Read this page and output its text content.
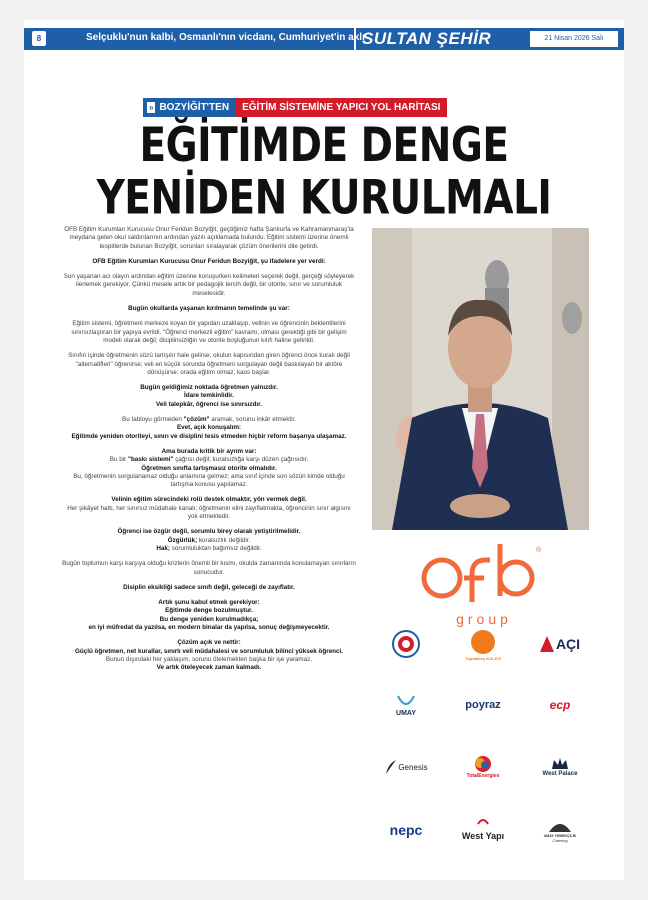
8	Selçuklu'nun kalbi, Osmanlı'nın vicdanı, Cumhuriyet'in aklı
SULTAN ŞEHİR	21 Nisan 2026 Salı
» BOZYİĞİT'TEN	EĞİTİM SİSTEMİNE YAPICI YOL HARİTASI
EĞİTİMDE DENGE
YENİDEN KURULMALI

OFB Eğitim Kurumları Kurucusu Onur Feridun Bozyiğit, geçtiğimiz hafta Şanlıurfa ve Kahramanmaraş'ta meydana gelen okul saldırılarının ardından yazılı açıklamada bulundu. Eğitim sistemi üzerine önemli tespitlerde bulunan Bozyiğit, sorunları sıralayarak çözüm önerilerini dile getirdi.

OFB Eğitim Kurumları Kurucusu Onur Feridun Bozyiğit, şu ifadelere yer verdi:

Son yaşanan acı olayın ardından eğitim üzerine konuşurken kelimeleri seçerek değil, gerçeği söyleyerek ilerlemek gerekiyor. Çünkü mesele artık bir pedagojik tercih değil, bir otorite, sınır ve sorumluluk meselesidir.

Bugün okullarda yaşanan kırılmanın temelinde şu var:

Eğitim sistemi, öğretmeni merkeze koyan bir yapıdan uzaklaşıp, velinin ve öğrencinin beklentilerini sınırsızlaştıran bir yapıya evrildi. "Öğrenci merkezli eğitim" kavramı, olması gerektiği gibi bir gelişim modeli olarak değil; disiplinsizliğin ve otorite boşluğunun kılıfı haline getirildi.

Sınıfın içinde öğretmenin sözü tartışılır hale gelirse; okulun kapısından giren öğrenci önce kuralı değil "alternatifleri" öğrenirse; veli en küçük sorunda öğretmeni sorgulayan değil baskılayan bir aktöre dönüşürse; orada eğitim olmaz, kaos başlar.

Bugün geldiğimiz noktada öğretmen yalnızdır.
İdare temkinlidir.
Veli talepkâr, öğrenci ise sınırsızdır.

Bu tabloyu görmeden "çözüm" aramak, sorunu inkâr etmektir.
Evet, açık konuşalım:
Eğitimde yeniden otoriteyi, sınırı ve disiplini tesis etmeden hiçbir reform başarıya ulaşamaz.

Ama burada kritik bir ayrım var:
Bu bir "baskı sistemi" çağrısı değil; kuralsızlığa karşı düzen çağrısıdır.
Öğretmen sınıfta tartışmasız otorite olmalıdır.
Bu, öğretmenin sorgulanamaz olduğu anlamına gelmez; ama sınıf içinde son sözün kimde olduğu tartışma konusu yapılamaz.

Velinin eğitim sürecindeki rolü destek olmaktır, yön vermek değil.
Her şikâyet hattı, her sınırsız müdahale kanalı; öğretmenin elini zayıflatmakta, öğrencinin sınır algısını yok etmektedir.

Öğrenci ise özgür değil, sorumlu birey olarak yetiştirilmelidir.
Özgürlük; kuralsızlık değildir.
Hak; sorumluluktan bağımsız değildir.

Bugün toplumun karşı karşıya olduğu krizlerin önemli bir kısmı, okulda zamanında konulamayan sınırların sonucudur.

Disiplin eksikliği sadece sınıfı değil, geleceği de zayıflatır.

Artık şunu kabul etmek gerekiyor:
Eğitimde denge bozulmuştur.
Bu denge yeniden kurulmadıkça;
en iyi müfredat da yazılsa, en modern binalar da yapılsa, sonuç değişmeyecektir.

Çözüm açık ve nettir:
Güçlü öğretmen, net kurallar, sınırlı veli müdahalesi ve sorumluluk bilinci yüksek öğrenci.
Bunun dışındaki her yaklaşım, sorunu ötelemekten başka bir işe yaramaz.
Ve artık öteleyecek zaman kalmadı.

®
group
Toprakbey KOLEJİ
AÇI
UMAY
poyraz	ecp
Genesis
TotalEnergies	West Palace
nepc	West Yapı	UMAY YEMEKÇİLİK
Catering
